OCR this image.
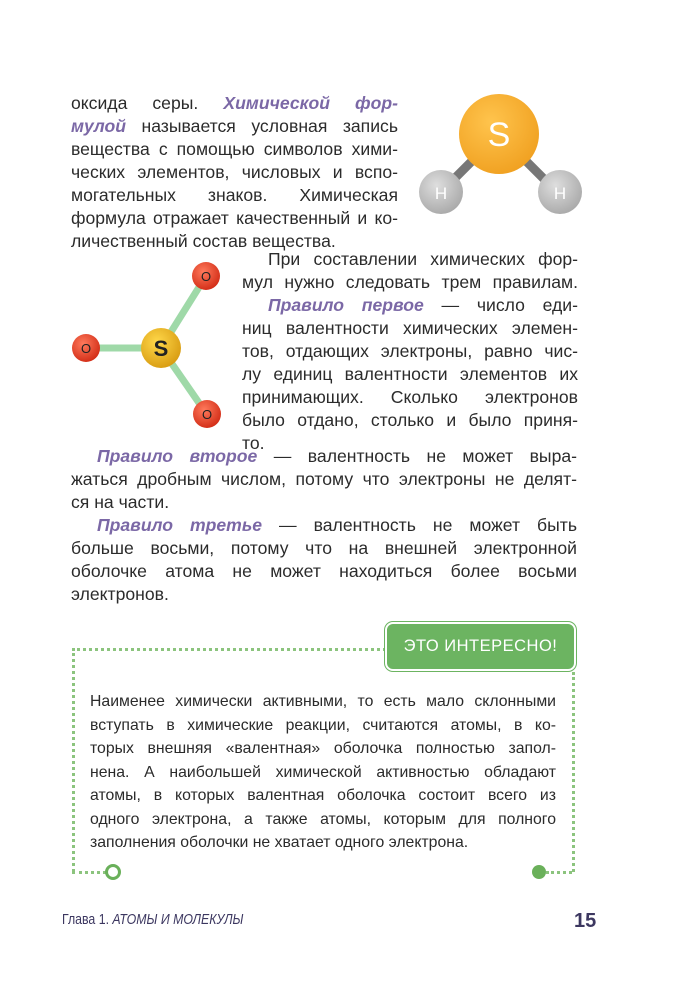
оксида серы. Химической фор-
мулой называется условная запись
вещества с помощью символов хими-
ческих элементов, числовых и вспо-
могательных знаков. Химическая
формула отражает качественный и ко-
личественный состав вещества.
S
H	H
При составлении химических фор-
мул нужно следовать трем правилам.
Правило первое — число еди-
ниц валентности химических элемен-
тов, отдающих электроны, равно чис-
лу единиц валентности элементов их
принимающих. Сколько электронов
было отдано, столько и было приня-
то.
S
O
O
O
Правило второе — валентность не может выра-
жаться дробным числом, потому что электроны не делят-
ся на части.
Правило третье — валентность не может быть
больше восьми, потому что на внешней электронной
оболочке атома не может находиться более восьми
электронов.
ЭТО ИНТЕРЕСНО!
Наименее химически активными, то есть мало склонными
вступать в химические реакции, считаются атомы, в ко-
торых внешняя «валентная» оболочка полностью запол-
нена. А наибольшей химической активностью обладают
атомы, в которых валентная оболочка состоит всего из
одного электрона, а также атомы, которым для полного
заполнения оболочки не хватает одного электрона.
Глава 1. АТОМЫ И МОЛЕКУЛЫ	15
